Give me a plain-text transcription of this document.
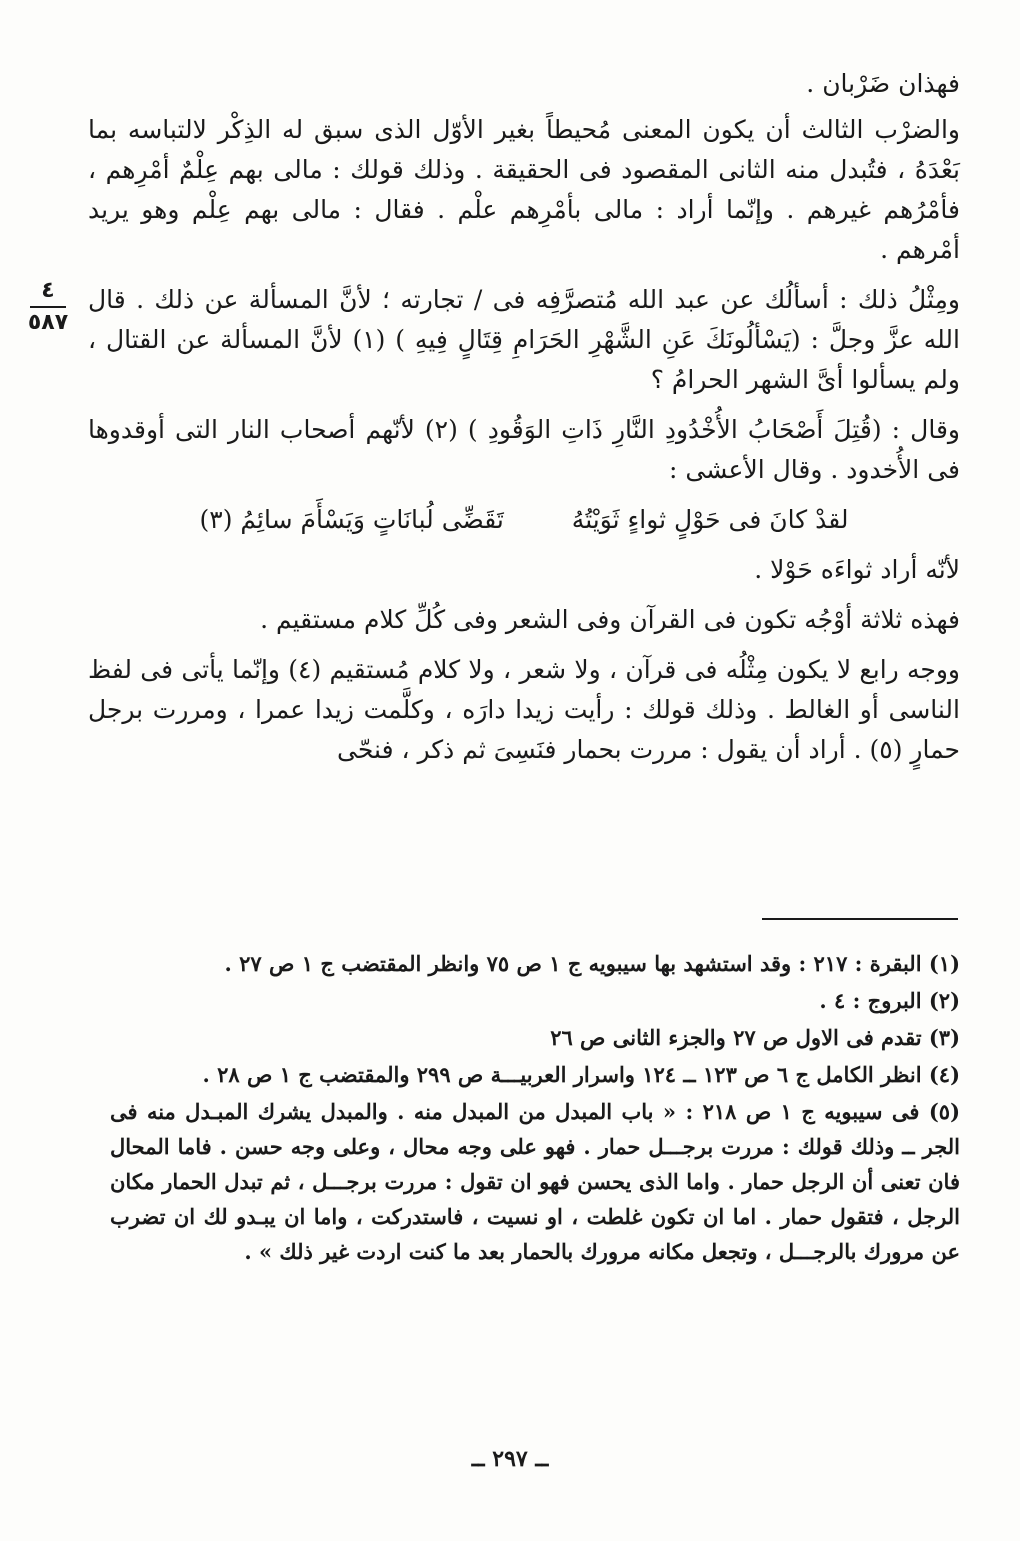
فهذان ضَرْبان .

والضرْب الثالث أن يكون المعنى مُحيطاً بغير الأوّل الذى سبق له الذِكْر لالتباسه بما بَعْدَهُ ، فتُبدل منه الثانى المقصود فى الحقيقة . وذلك قولك : مالى بهم عِلْمٌ أمْرِهم ، فأمْرُهم غيرهم . وإنّما أراد : مالى بأمْرِهم علْم . فقال : مالى بهم عِلْم وهو يريد أمْرهم .

ومِثْلُ ذلك : أسألُك عن عبد الله مُتصرَّفِه فى / تجارته ؛ لأنَّ المسألة عن ذلك . قال الله عزَّ وجلَّ : (يَسْألُونَكَ عَنِ الشَّهْرِ الحَرَامِ قِتَالٍ فِيهِ ) (١) لأنَّ المسألة عن القتال ، ولم يسألوا أىَّ الشهر الحرامُ ؟

وقال : (قُتِلَ أَصْحَابُ الأُخْدُودِ النَّارِ ذَاتِ الوَقُودِ ) (٢) لأنّهم أصحاب النار التى أوقدوها فى الأُخدود . وقال الأعشى :

لقدْ كانَ فى حَوْلٍ ثواءٍ ثَوَيْتُهُ تَقَضِّى لُبانَاتٍ وَيَسْأَمَ سائِمُ (٣)

لأنّه أراد ثواءَه حَوْلا .

فهذه ثلاثة أوْجُه تكون فى القرآن وفى الشعر وفى كُلِّ كلام مستقيم .

ووجه رابع لا يكون مِثْلُه فى قرآن ، ولا شعر ، ولا كلام مُستقيم (٤) وإنّما يأتى فى لفظ الناسى أو الغالط . وذلك قولك : رأيت زيدا دارَه ، وكلَّمت زيدا عمرا ، ومررت برجل حمارٍ (٥) . أراد أن يقول : مررت بحمار فنَسِىَ ثم ذكر ، فنحّى

٤
٥٨٧

(١) البقرة : ٢١٧ : وقد استشهد بها سيبويه ج ١ ص ٧٥ وانظر المقتضب ج ١ ص ٢٧ .

(٢) البروج : ٤ .

(٣) تقدم فى الاول ص ٢٧ والجزء الثانى ص ٢٦

(٤) انظر الكامل ج ٦ ص ١٢٣ ــ ١٢٤ واسرار العربيـــة ص ٢٩٩ والمقتضب ج ١ ص ٢٨ .

(٥) فى سيبويه ج ١ ص ٢١٨ : « باب المبدل من المبدل منه . والمبدل يشرك المبـدل منه فى الجر ــ وذلك قولك : مررت برجـــل حمار . فهو على وجه محال ، وعلى وجه حسن . فاما المحال فان تعنى أن الرجل حمار . واما الذى يحسن فهو ان تقول : مررت برجـــل ، ثم تبدل الحمار مكان الرجل ، فتقول حمار . اما ان تكون غلطت ، او نسيت ، فاستدركت ، واما ان يبـدو لك ان تضرب عن مرورك بالرجـــل ، وتجعل مكانه مرورك بالحمار بعد ما كنت اردت غير ذلك » .

ــ ٢٩٧ ــ
